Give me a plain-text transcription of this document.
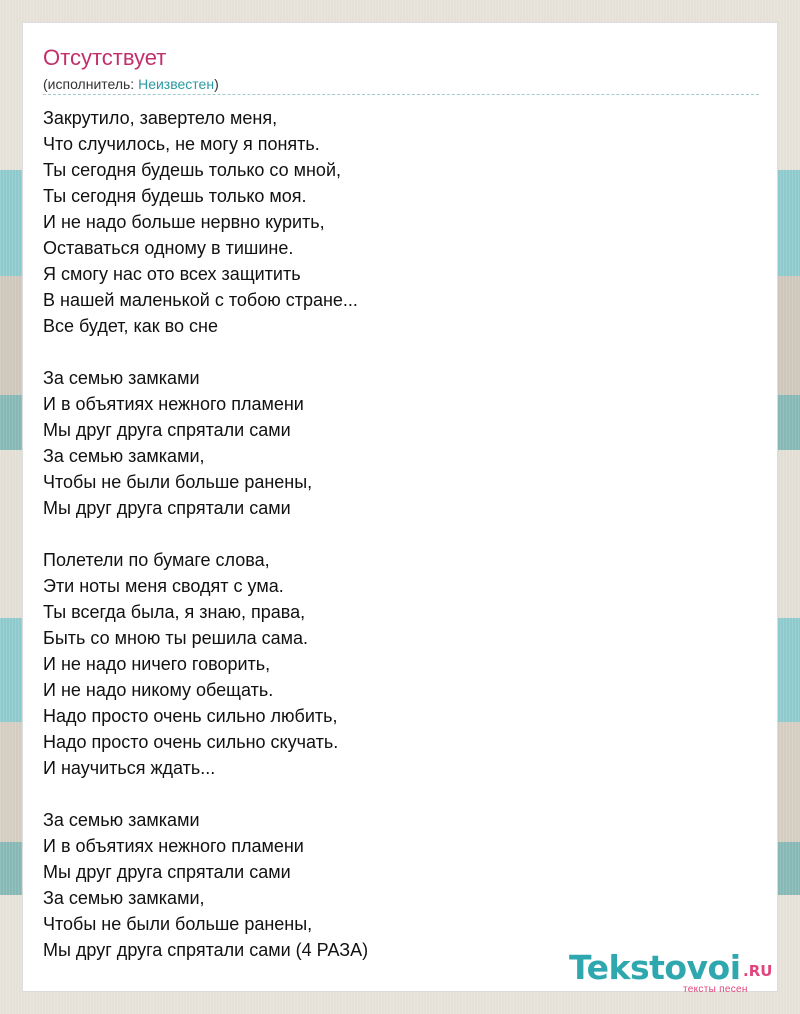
Отсутствует
(исполнитель: Неизвестен)
Закрутило, завертело меня,
Что случилось, не могу я понять.
Ты сегодня будешь только со мной,
Ты сегодня будешь только моя.
И не надо больше нервно курить,
Оставаться одному в тишине.
Я смогу нас ото всех защитить
В нашей маленькой с тобою стране...
Все будет, как во сне
За семью замками
И в объятиях нежного пламени
Мы друг друга спрятали сами
За семью замками,
Чтобы не были больше ранены,
Мы друг друга спрятали сами
Полетели по бумаге слова,
Эти ноты меня сводят с ума.
Ты всегда была, я знаю, права,
Быть со мною ты решила сама.
И не надо ничего говорить,
И не надо никому обещать.
Надо просто очень сильно любить,
Надо просто очень сильно скучать.
И научиться ждать...
За семью замками
И в объятиях нежного пламени
Мы друг друга спрятали сами
За семью замками,
Чтобы не были больше ранены,
Мы друг друга спрятали сами (4 РАЗА)	Tekstovoi .RU
тексты песен
